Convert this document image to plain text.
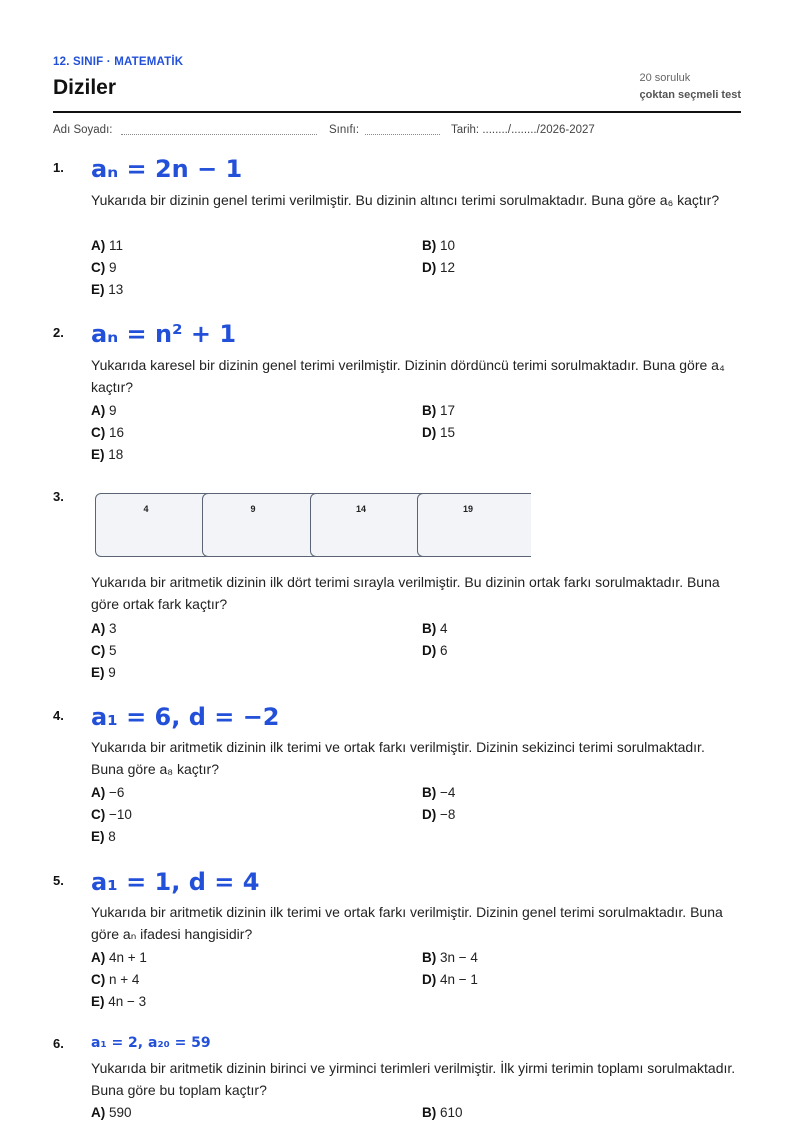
12. SINIF · MATEMATİK
Diziler	20 soruluk
çoktan seçmeli test
Adı Soyadı:	Sınıfı:	Tarih: ......../......../2026-2027
1. aₙ = 2n − 1
Yukarıda bir dizinin genel terimi verilmiştir. Bu dizinin altıncı terimi sorulmaktadır. Buna göre a₆ kaçtır?
A) 11	B) 10
C) 9	D) 12
E) 13
2. aₙ = n² + 1
Yukarıda karesel bir dizinin genel terimi verilmiştir. Dizinin dördüncü terimi sorulmaktadır. Buna göre a₄ kaçtır?
A) 9	B) 17
C) 16	D) 15
E) 18
3.
4	9	14	19
Yukarıda bir aritmetik dizinin ilk dört terimi sırayla verilmiştir. Bu dizinin ortak farkı sorulmaktadır. Buna göre ortak fark kaçtır?
A) 3	B) 4
C) 5	D) 6
E) 9
4. a₁ = 6, d = −2
Yukarıda bir aritmetik dizinin ilk terimi ve ortak farkı verilmiştir. Dizinin sekizinci terimi sorulmaktadır. Buna göre a₈ kaçtır?
A) −6	B) −4
C) −10	D) −8
E) 8
5. a₁ = 1, d = 4
Yukarıda bir aritmetik dizinin ilk terimi ve ortak farkı verilmiştir. Dizinin genel terimi sorulmaktadır. Buna göre aₙ ifadesi hangisidir?
A) 4n + 1	B) 3n − 4
C) n + 4	D) 4n − 1
E) 4n − 3
6. a₁ = 2, a₂₀ = 59
Yukarıda bir aritmetik dizinin birinci ve yirminci terimleri verilmiştir. İlk yirmi terimin toplamı sorulmaktadır. Buna göre bu toplam kaçtır?
A) 590	B) 610
